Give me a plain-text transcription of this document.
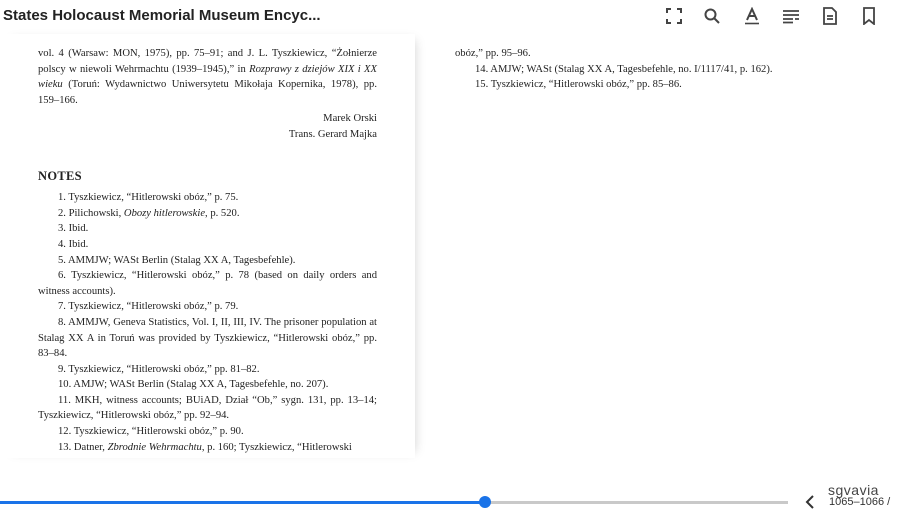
States Holocaust Memorial Museum Encyc...

vol. 4 (Warsaw: MON, 1975), pp. 75–91; and J. L. Tyszkiewicz, “Żołnierze polscy w niewoli Wehrmachtu (1939–1945),” in Rozprawy z dziejów XIX i XX wieku (Toruń: Wydawnictwo Uniwersytetu Mikołaja Kopernika, 1978), pp. 159–166.

Marek Orski

Trans. Gerard Majka

NOTES

1. Tyszkiewicz, “Hitlerowski obóz,” p. 75.

2. Pilichowski, Obozy hitlerowskie, p. 520.

3. Ibid.

4. Ibid.

5. AMMJW; WASt Berlin (Stalag XX A, Tagesbefehle).

6. Tyszkiewicz, “Hitlerowski obóz,” p. 78 (based on daily orders and witness accounts).

7. Tyszkiewicz, “Hitlerowski obóz,” p. 79.

8. AMMJW, Geneva Statistics, Vol. I, II, III, IV. The prisoner population at Stalag XX A in Toruń was provided by Tyszkiewicz, “Hitlerowski obóz,” pp. 83–84.

9. Tyszkiewicz, “Hitlerowski obóz,” pp. 81–82.

10. AMJW; WASt Berlin (Stalag XX A, Tagesbefehle, no. 207).

11. MKH, witness accounts; BUiAD, Dział “Ob,” sygn. 131, pp. 13–14; Tyszkiewicz, “Hitlerowski obóz,” pp. 92–94.

12. Tyszkiewicz, “Hitlerowski obóz,” p. 90.

13. Datner, Zbrodnie Wehrmachtu, p. 160; Tyszkiewicz, “Hitlerowski

obóz,” pp. 95–96.

14. AMJW; WASt (Stalag XX A, Tagesbefehle, no. I/1117/41, p. 162).

15. Tyszkiewicz, “Hitlerowski obóz,” pp. 85–86.

sgvavia
1065–1066 /
